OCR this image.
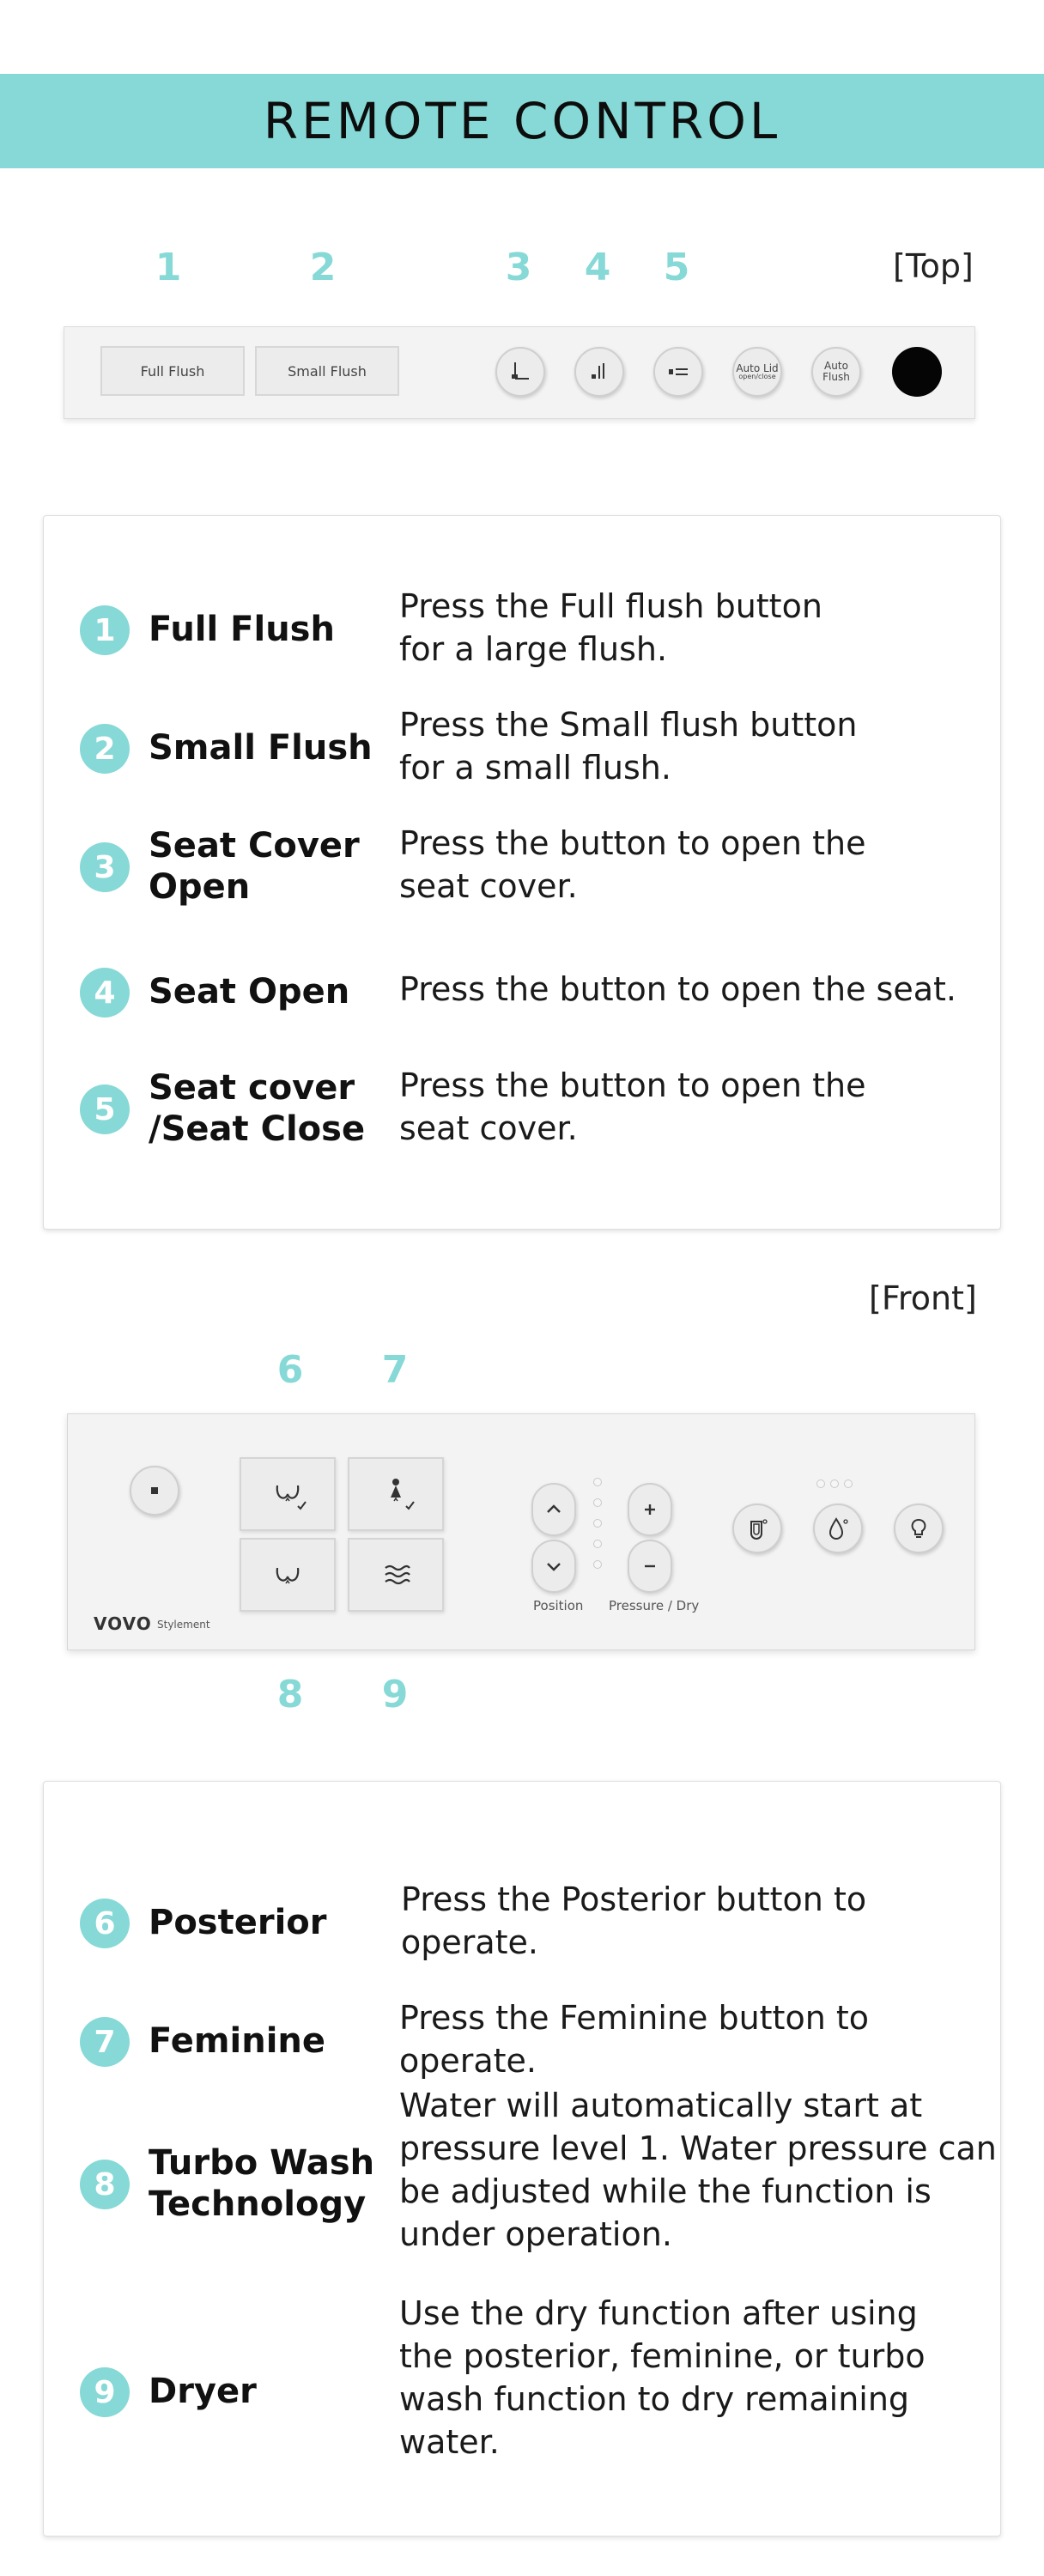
REMOTE CONTROL
[Top]
1	2	3	4	5
Full Flush	Small Flush	Auto Lid
open/close
Auto
Flush
1 Full Flush
Press the Full flush button
for a large flush.
2 Small Flush
Press the Small flush button
for a small flush.
3
Seat Cover
Open
Press the button to open the
seat cover.
4 Seat Open Press the button to open the seat.
5
Seat cover
/Seat Close
Press the button to open the
seat cover.
[Front]
6	7
8	9
Position Pressure / Dry
VOVO Stylement
6 Posterior
Press the Posterior button to
operate.
7 Feminine
Press the Feminine button to
operate.
8
Turbo Wash
Technology
Water will automatically start at
pressure level 1. Water pressure can
be adjusted while the function is
under operation.
9 Dryer
Use the dry function after using
the posterior, feminine, or turbo
wash function to dry remaining
water.
